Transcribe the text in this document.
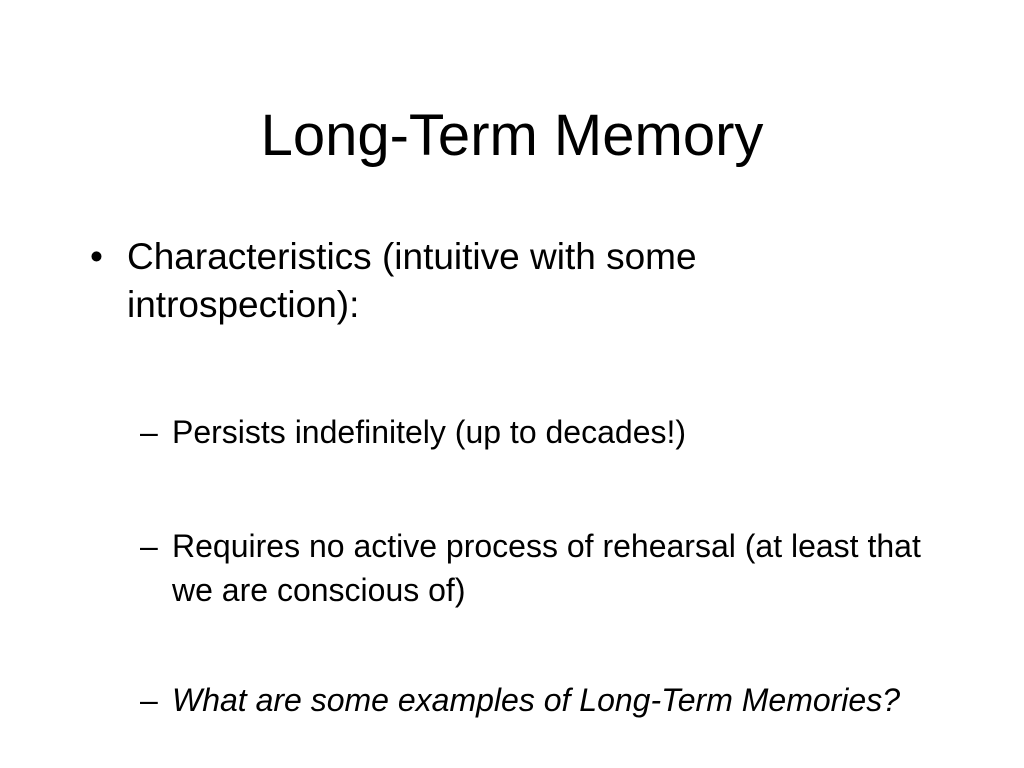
Long-Term Memory
• Characteristics (intuitive with some introspection):
– Persists indefinitely (up to decades!)
– Requires no active process of rehearsal (at least that we are conscious of)
– What are some examples of Long-Term Memories?
